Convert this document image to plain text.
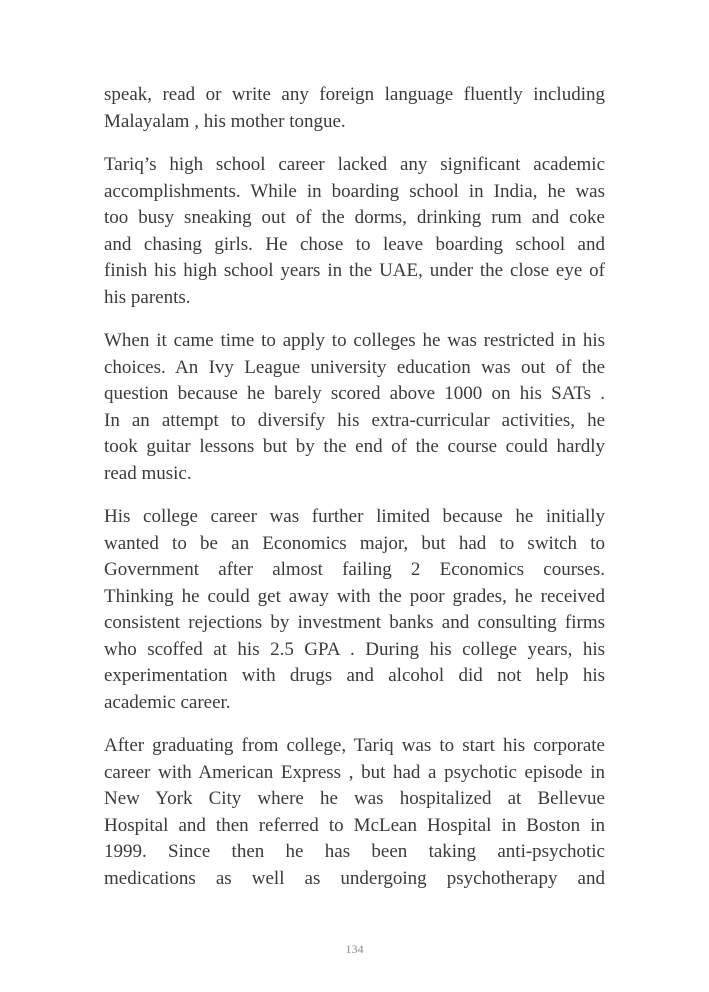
speak, read or write any foreign language fluently including
Malayalam , his mother tongue.

Tariq’s high school career lacked any significant academic
accomplishments. While in boarding school in India, he was
too busy sneaking out of the dorms, drinking rum and coke
and chasing girls. He chose to leave boarding school and
finish his high school years in the UAE, under the close eye of
his parents.

When it came time to apply to colleges he was restricted in his
choices. An Ivy League university education was out of the
question because he barely scored above 1000 on his SATs .
In an attempt to diversify his extra-curricular activities, he
took guitar lessons but by the end of the course could hardly
read music.

His college career was further limited because he initially
wanted to be an Economics major, but had to switch to
Government after almost failing 2 Economics courses.
Thinking he could get away with the poor grades, he received
consistent rejections by investment banks and consulting firms
who scoffed at his 2.5 GPA . During his college years, his
experimentation with drugs and alcohol did not help his
academic career.

After graduating from college, Tariq was to start his corporate
career with American Express , but had a psychotic episode in
New York City where he was hospitalized at Bellevue
Hospital and then referred to McLean Hospital in Boston in
1999. Since then he has been taking anti-psychotic
medications as well as undergoing psychotherapy and

134
